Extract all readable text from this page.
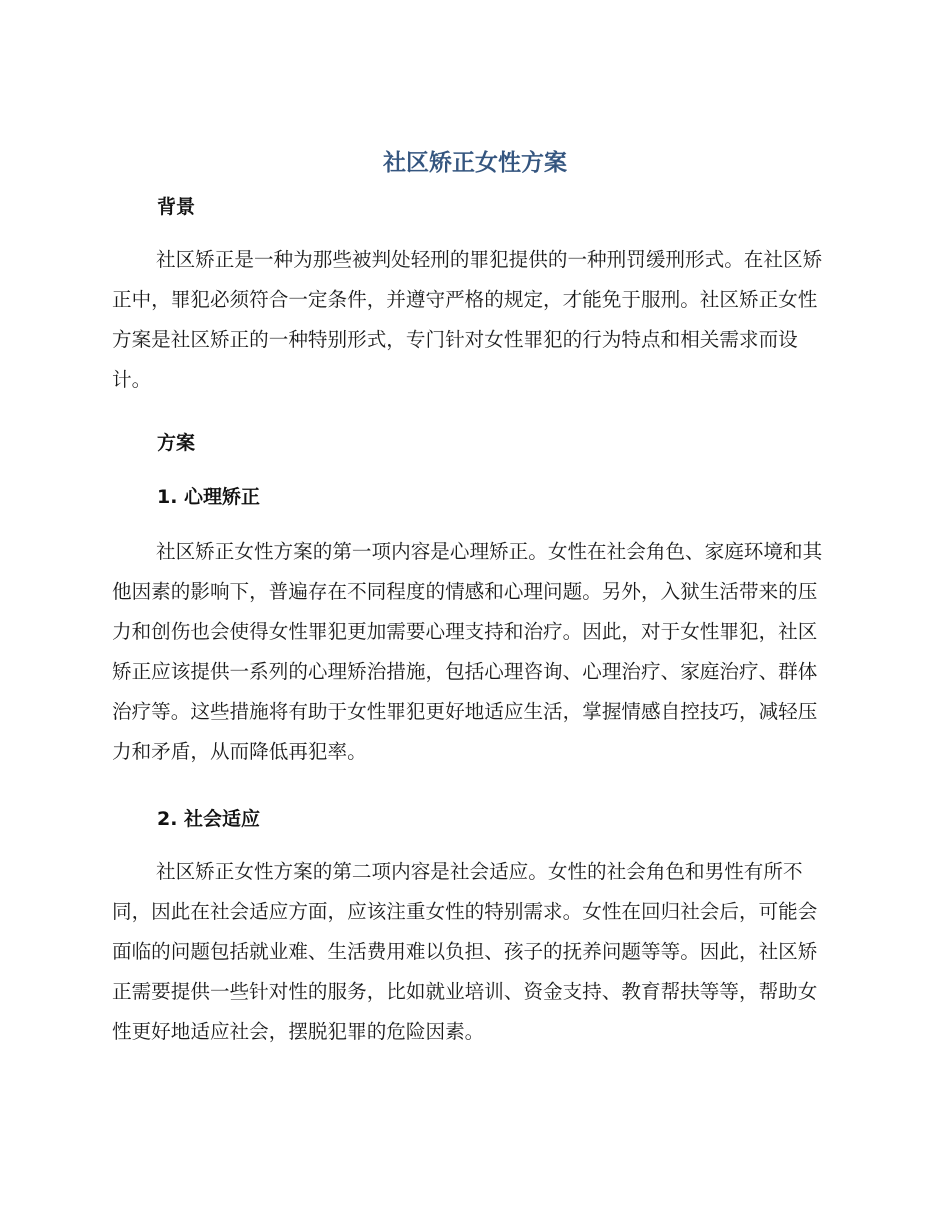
社区矫正女性方案
背景

社区矫正是一种为那些被判处轻刑的罪犯提供的一种刑罚缓刑形式。在社区矫正中，罪犯必须符合一定条件，并遵守严格的规定，才能免于服刑。社区矫正女性方案是社区矫正的一种特别形式，专门针对女性罪犯的行为特点和相关需求而设计。

方案
1. 心理矫正

社区矫正女性方案的第一项内容是心理矫正。女性在社会角色、家庭环境和其他因素的影响下，普遍存在不同程度的情感和心理问题。另外，入狱生活带来的压力和创伤也会使得女性罪犯更加需要心理支持和治疗。因此，对于女性罪犯，社区矫正应该提供一系列的心理矫治措施，包括心理咨询、心理治疗、家庭治疗、群体治疗等。这些措施将有助于女性罪犯更好地适应生活，掌握情感自控技巧，减轻压力和矛盾，从而降低再犯率。

2. 社会适应

社区矫正女性方案的第二项内容是社会适应。女性的社会角色和男性有所不同，因此在社会适应方面，应该注重女性的特别需求。女性在回归社会后，可能会面临的问题包括就业难、生活费用难以负担、孩子的抚养问题等等。因此，社区矫正需要提供一些针对性的服务，比如就业培训、资金支持、教育帮扶等等，帮助女性更好地适应社会，摆脱犯罪的危险因素。
